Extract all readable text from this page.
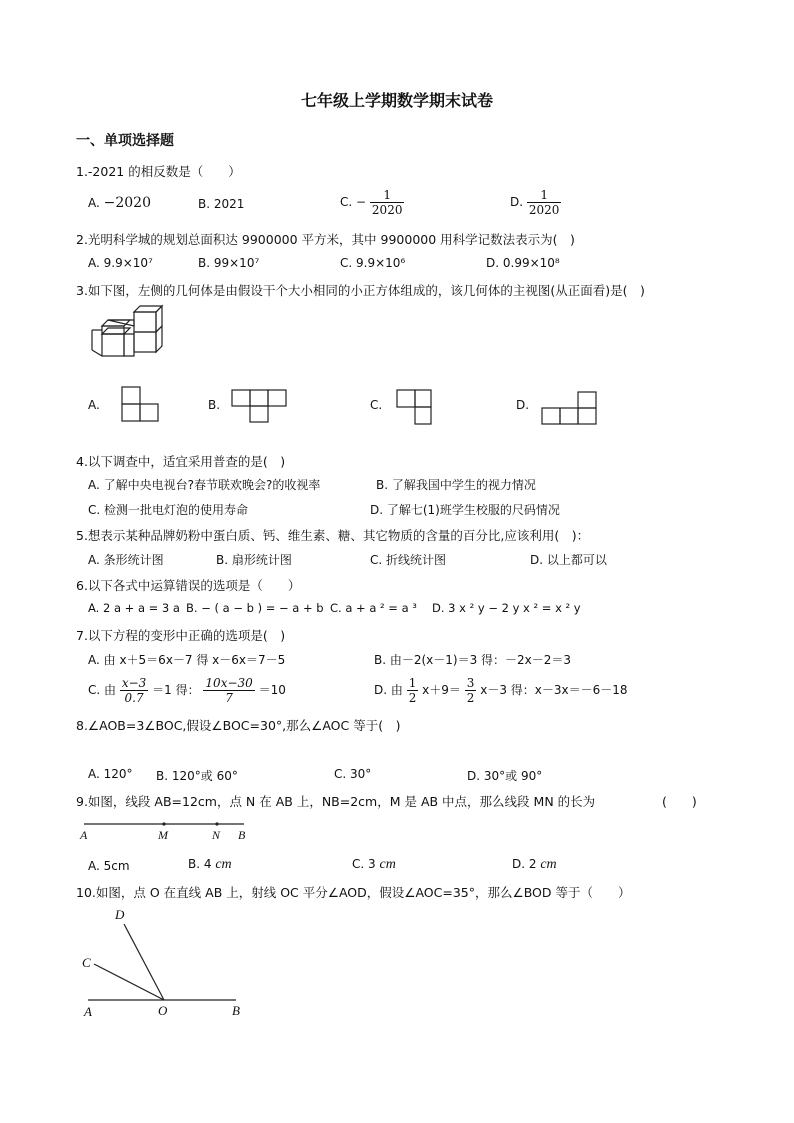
七年级上学期数学期末试卷
一、单项选择题
1.-2021 的相反数是（　　）
A. −2020	B. 2021	C. − $\frac{1}{2020}$	D. $\frac{1}{2020}$
2.光明科学城的规划总面积达 9900000 平方米，其中 9900000 用科学记数法表示为(　)
A. 9.9×10⁷	B. 99×10⁷	C. 9.9×10⁶	D. 0.99×10⁸
3.如下图，左侧的几何体是由假设干个大小相同的小正方体组成的，该几何体的主视图(从正面看)是(　)
A.	B.	C.	D.
4.以下调查中，适宜采用普查的是(　)
A. 了解中央电视台?春节联欢晚会?的收视率	B. 了解我国中学生的视力情况
C. 检测一批电灯泡的使用寿命	D. 了解七(1)班学生校服的尺码情况
5.想表示某种品牌奶粉中蛋白质、钙、维生素、糖、其它物质的含量的百分比,应该利用(　)：
A. 条形统计图	B. 扇形统计图	C. 折线统计图	D. 以上都可以
6.以下各式中运算错误的选项是（　　）
A. 2 a + a = 3 a B. − ( a − b ) = − a + b C. a + a ² = a ³ D. 3 x ² y − 2 y x ² = x ² y
7.以下方程的变形中正确的选项是(　)
A. 由 x＋5＝6x－7 得 x－6x＝7－5	B. 由－2(x－1)＝3 得：－2x－2＝3
C. 由 $\frac{x-3}{0.7} =1$ 得： $\frac{10x-30}{7} =10$	D. 由 $\frac{1}{2} x+9= \frac{3}{2} x-3$ 得：x－3x＝－6－18
8.∠AOB=3∠BOC,假设∠BOC=30°,那么∠AOC 等于(　)
A. 120° B. 120°或 60°	C. 30°	D. 30°或 90°
9.如图，线段 AB=12cm，点 N 在 AB 上，NB=2cm，M 是 AB 中点，那么线段 MN 的长为	(　　)
A	M	N B
A. 5cm	B. 4 cm	C. 3 cm	D. 2 cm
10.如图，点 O 在直线 AB 上，射线 OC 平分∠AOD，假设∠AOC=35°，那么∠BOD 等于（　　）
D
C
A	O	B
